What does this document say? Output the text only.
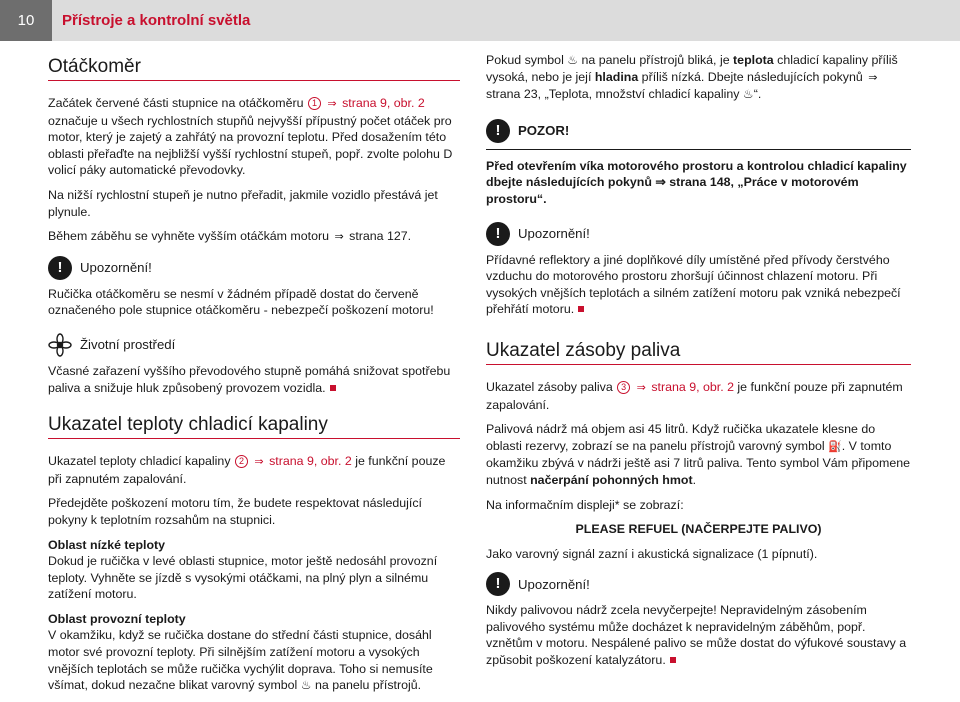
10	Přístroje a kontrolní světla
Otáčkoměr

Začátek červené části stupnice na otáčkoměru 1 ⇒ strana 9, obr. 2 označuje u všech rychlostních stupňů nejvyšší přípustný počet otáček pro motor, který je zajetý a zahřátý na provozní teplotu. Před dosažením této oblasti přeřaďte na nejbližší vyšší rychlostní stupeň, popř. zvolte polohu D volicí páky automatické převodovky.

Na nižší rychlostní stupeň je nutno přeřadit, jakmile vozidlo přestává jet plynule.

Během záběhu se vyhněte vyšším otáčkám motoru ⇒ strana 127.

!	Upozornění!

Ručička otáčkoměru se nesmí v žádném případě dostat do červeně označeného pole stupnice otáčkoměru - nebezpečí poškození motoru!

Životní prostředí

Včasné zařazení vyššího převodového stupně pomáhá snižovat spotřebu paliva a snižuje hluk způsobený provozem vozidla.

Ukazatel teploty chladicí kapaliny

Ukazatel teploty chladicí kapaliny 2 ⇒ strana 9, obr. 2 je funkční pouze při zapnutém zapalování.

Předejděte poškození motoru tím, že budete respektovat následující pokyny k teplotním rozsahům na stupnici.

Oblast nízké teploty

Dokud je ručička v levé oblasti stupnice, motor ještě nedosáhl provozní teploty. Vyhněte se jízdě s vysokými otáčkami, na plný plyn a silnému zatížení motoru.

Oblast provozní teploty

V okamžiku, když se ručička dostane do střední části stupnice, dosáhl motor své provozní teploty. Při silnějším zatížení motoru a vysokých vnějších teplotách se může ručička vychýlit doprava. Toho si nemusíte všímat, dokud nezačne blikat varovný symbol ♨ na panelu přístrojů.

Pokud symbol ♨ na panelu přístrojů bliká, je teplota chladicí kapaliny příliš vysoká, nebo je její hladina příliš nízká. Dbejte následujících pokynů ⇒ strana 23, „Teplota, množství chladicí kapaliny ♨“.

!	POZOR!

Před otevřením víka motorového prostoru a kontrolou chladicí kapaliny dbejte následujících pokynů ⇒ strana 148, „Práce v motorovém prostoru“.

!	Upozornění!

Přídavné reflektory a jiné doplňkové díly umístěné před přívody čerstvého vzduchu do motorového prostoru zhoršují účinnost chlazení motoru. Při vysokých vnějších teplotách a silném zatížení motoru pak vzniká nebezpečí přehřátí motoru.

Ukazatel zásoby paliva

Ukazatel zásoby paliva 3 ⇒ strana 9, obr. 2 je funkční pouze při zapnutém zapalování.

Palivová nádrž má objem asi 45 litrů. Když ručička ukazatele klesne do oblasti rezervy, zobrazí se na panelu přístrojů varovný symbol ⛽. V tomto okamžiku zbývá v nádrži ještě asi 7 litrů paliva. Tento symbol Vám připomene nutnost načerpání pohonných hmot.

Na informačním displeji* se zobrazí:

PLEASE REFUEL (NAČERPEJTE PALIVO)

Jako varovný signál zazní i akustická signalizace (1 pípnutí).

!	Upozornění!

Nikdy palivovou nádrž zcela nevyčerpejte! Nepravidelným zásobením palivového systému může docházet k nepravidelným záběhům, popř. vznětům v motoru. Nespálené palivo se může dostat do výfukové soustavy a zpŭsobit poškození katalyzátoru.
